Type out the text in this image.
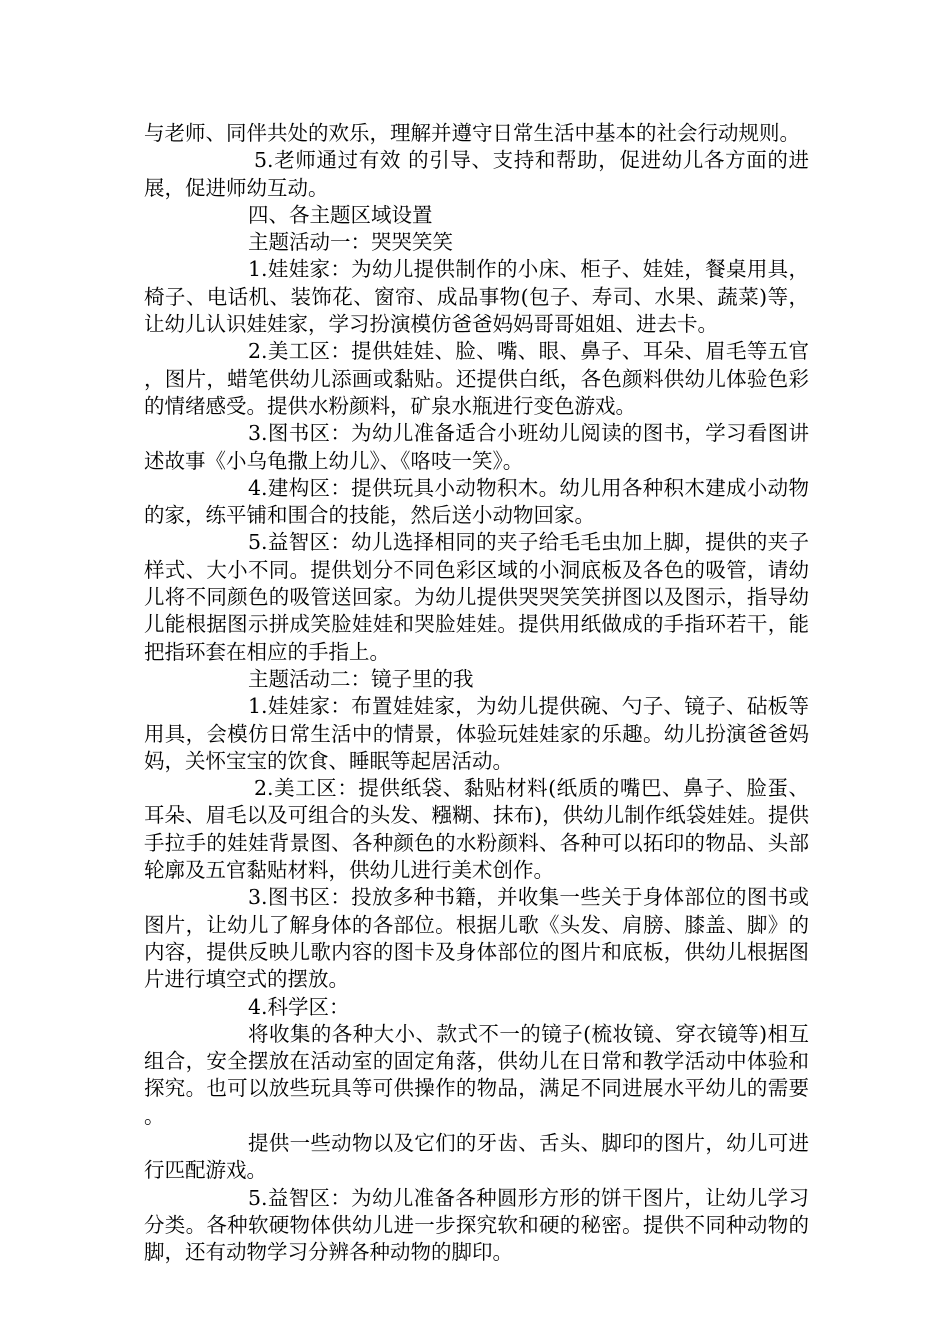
与老师、同伴共处的欢乐，理解并遵守日常生活中基本的社会行动规则。

5.老师通过有效 的引导、支持和帮助，促进幼儿各方面的进展，促进师幼互动。

四、各主题区域设置

主题活动一：哭哭笑笑

1.娃娃家：为幼儿提供制作的小床、柜子、娃娃，餐桌用具，椅子、电话机、装饰花、窗帘、成品事物(包子、寿司、水果、蔬菜)等，让幼儿认识娃娃家，学习扮演模仿爸爸妈妈哥哥姐姐、进去卡。

2.美工区：提供娃娃、脸、嘴、眼、鼻子、耳朵、眉毛等五官，图片，蜡笔供幼儿添画或黏贴。还提供白纸，各色颜料供幼儿体验色彩的情绪感受。提供水粉颜料，矿泉水瓶进行变色游戏。

3.图书区：为幼儿准备适合小班幼儿阅读的图书，学习看图讲述故事《小乌龟撒上幼儿》、《咯吱一笑》。

4.建构区：提供玩具小动物积木。幼儿用各种积木建成小动物的家，练平铺和围合的技能，然后送小动物回家。

5.益智区：幼儿选择相同的夹子给毛毛虫加上脚，提供的夹子样式、大小不同。提供划分不同色彩区域的小洞底板及各色的吸管，请幼儿将不同颜色的吸管送回家。为幼儿提供哭哭笑笑拼图以及图示，指导幼儿能根据图示拼成笑脸娃娃和哭脸娃娃。提供用纸做成的手指环若干，能把指环套在相应的手指上。

主题活动二：镜子里的我

1.娃娃家：布置娃娃家，为幼儿提供碗、勺子、镜子、砧板等用具，会模仿日常生活中的情景，体验玩娃娃家的乐趣。幼儿扮演爸爸妈妈，关怀宝宝的饮食、睡眠等起居活动。

2.美工区：提供纸袋、黏贴材料(纸质的嘴巴、鼻子、脸蛋、耳朵、眉毛以及可组合的头发、糨糊、抹布)，供幼儿制作纸袋娃娃。提供手拉手的娃娃背景图、各种颜色的水粉颜料、各种可以拓印的物品、头部轮廓及五官黏贴材料，供幼儿进行美术创作。

3.图书区：投放多种书籍，并收集一些关于身体部位的图书或图片，让幼儿了解身体的各部位。根据儿歌《头发、肩膀、膝盖、脚》的内容，提供反映儿歌内容的图卡及身体部位的图片和底板，供幼儿根据图片进行填空式的摆放。

4.科学区：

将收集的各种大小、款式不一的镜子(梳妆镜、穿衣镜等)相互组合，安全摆放在活动室的固定角落，供幼儿在日常和教学活动中体验和探究。也可以放些玩具等可供操作的物品，满足不同进展水平幼儿的需要。

提供一些动物以及它们的牙齿、舌头、脚印的图片，幼儿可进行匹配游戏。

5.益智区：为幼儿准备各种圆形方形的饼干图片，让幼儿学习分类。各种软硬物体供幼儿进一步探究软和硬的秘密。提供不同种动物的脚，还有动物学习分辨各种动物的脚印。
